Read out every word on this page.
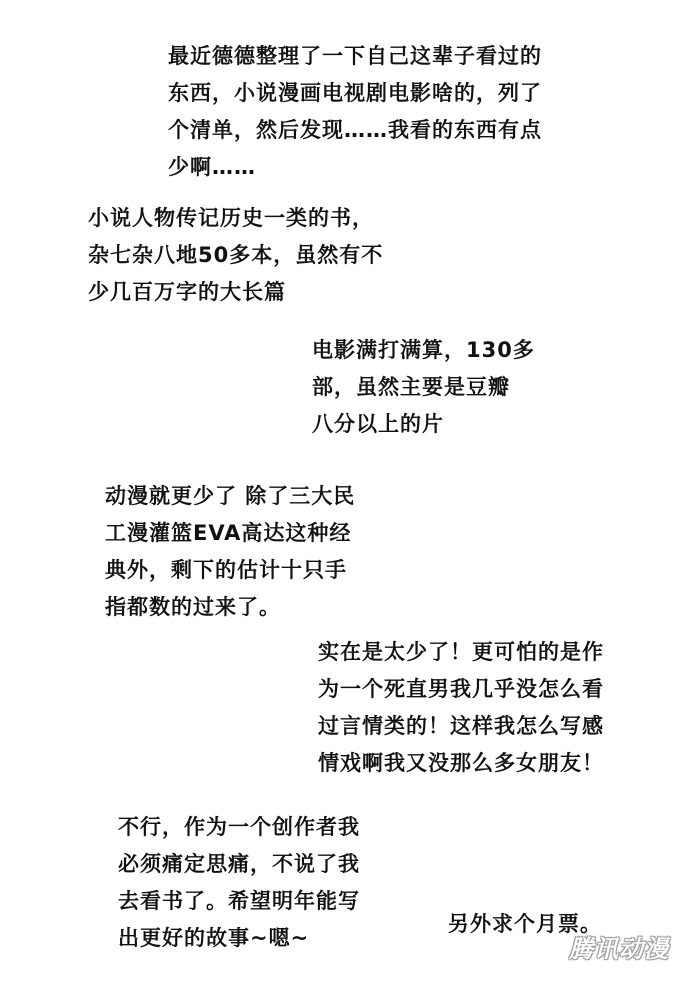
最近德德整理了一下自己这辈子看过的
东西，小说漫画电视剧电影啥的，列了
个清单，然后发现……我看的东西有点
少啊……
小说人物传记历史一类的书，
杂七杂八地50多本，虽然有不
少几百万字的大长篇
电影满打满算，130多
部，虽然主要是豆瓣
八分以上的片
动漫就更少了 除了三大民
工漫灌篮EVA高达这种经
典外，剩下的估计十只手
指都数的过来了。
实在是太少了！更可怕的是作
为一个死直男我几乎没怎么看
过言情类的！这样我怎么写感
情戏啊我又没那么多女朋友！
不行，作为一个创作者我
必须痛定思痛，不说了我
去看书了。希望明年能写
出更好的故事~嗯~
另外求个月票。
腾讯动漫
